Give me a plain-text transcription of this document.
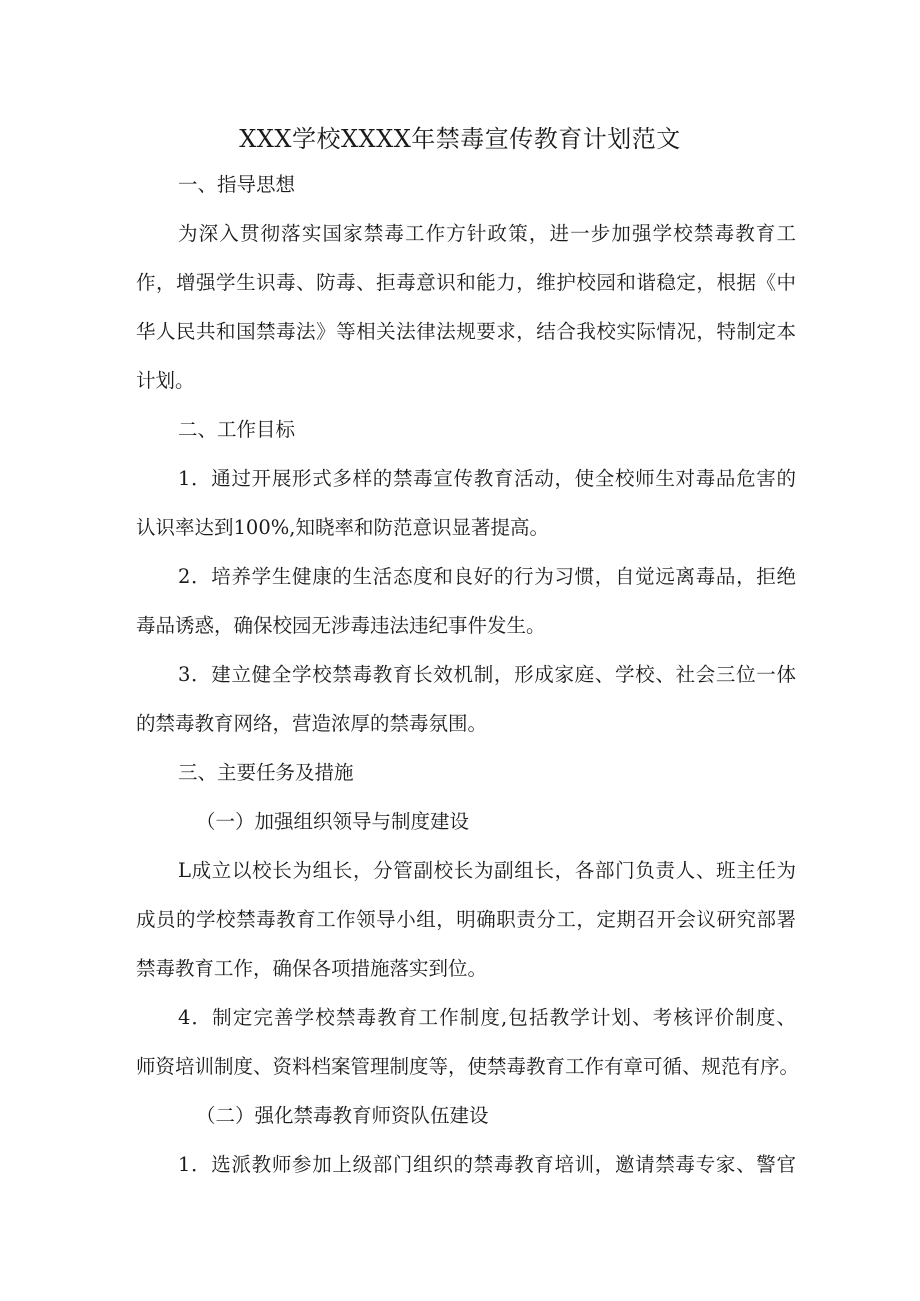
XXX学校XXXX年禁毒宣传教育计划范文
一、指导思想
为深入贯彻落实国家禁毒工作方针政策，进一步加强学校禁毒教育工
作，增强学生识毒、防毒、拒毒意识和能力，维护校园和谐稳定，根据《中
华人民共和国禁毒法》等相关法律法规要求，结合我校实际情况，特制定本
计划。
二、工作目标
1．通过开展形式多样的禁毒宣传教育活动，使全校师生对毒品危害的
认识率达到100%,知晓率和防范意识显著提高。
2．培养学生健康的生活态度和良好的行为习惯，自觉远离毒品，拒绝
毒品诱惑，确保校园无涉毒违法违纪事件发生。
3．建立健全学校禁毒教育长效机制，形成家庭、学校、社会三位一体
的禁毒教育网络，营造浓厚的禁毒氛围。
三、主要任务及措施
（一）加强组织领导与制度建设
L成立以校长为组长，分管副校长为副组长，各部门负责人、班主任为
成员的学校禁毒教育工作领导小组，明确职责分工，定期召开会议研究部署
禁毒教育工作，确保各项措施落实到位。
4．制定完善学校禁毒教育工作制度,包括教学计划、考核评价制度、
师资培训制度、资料档案管理制度等，使禁毒教育工作有章可循、规范有序。
（二）强化禁毒教育师资队伍建设
1．选派教师参加上级部门组织的禁毒教育培训，邀请禁毒专家、警官
